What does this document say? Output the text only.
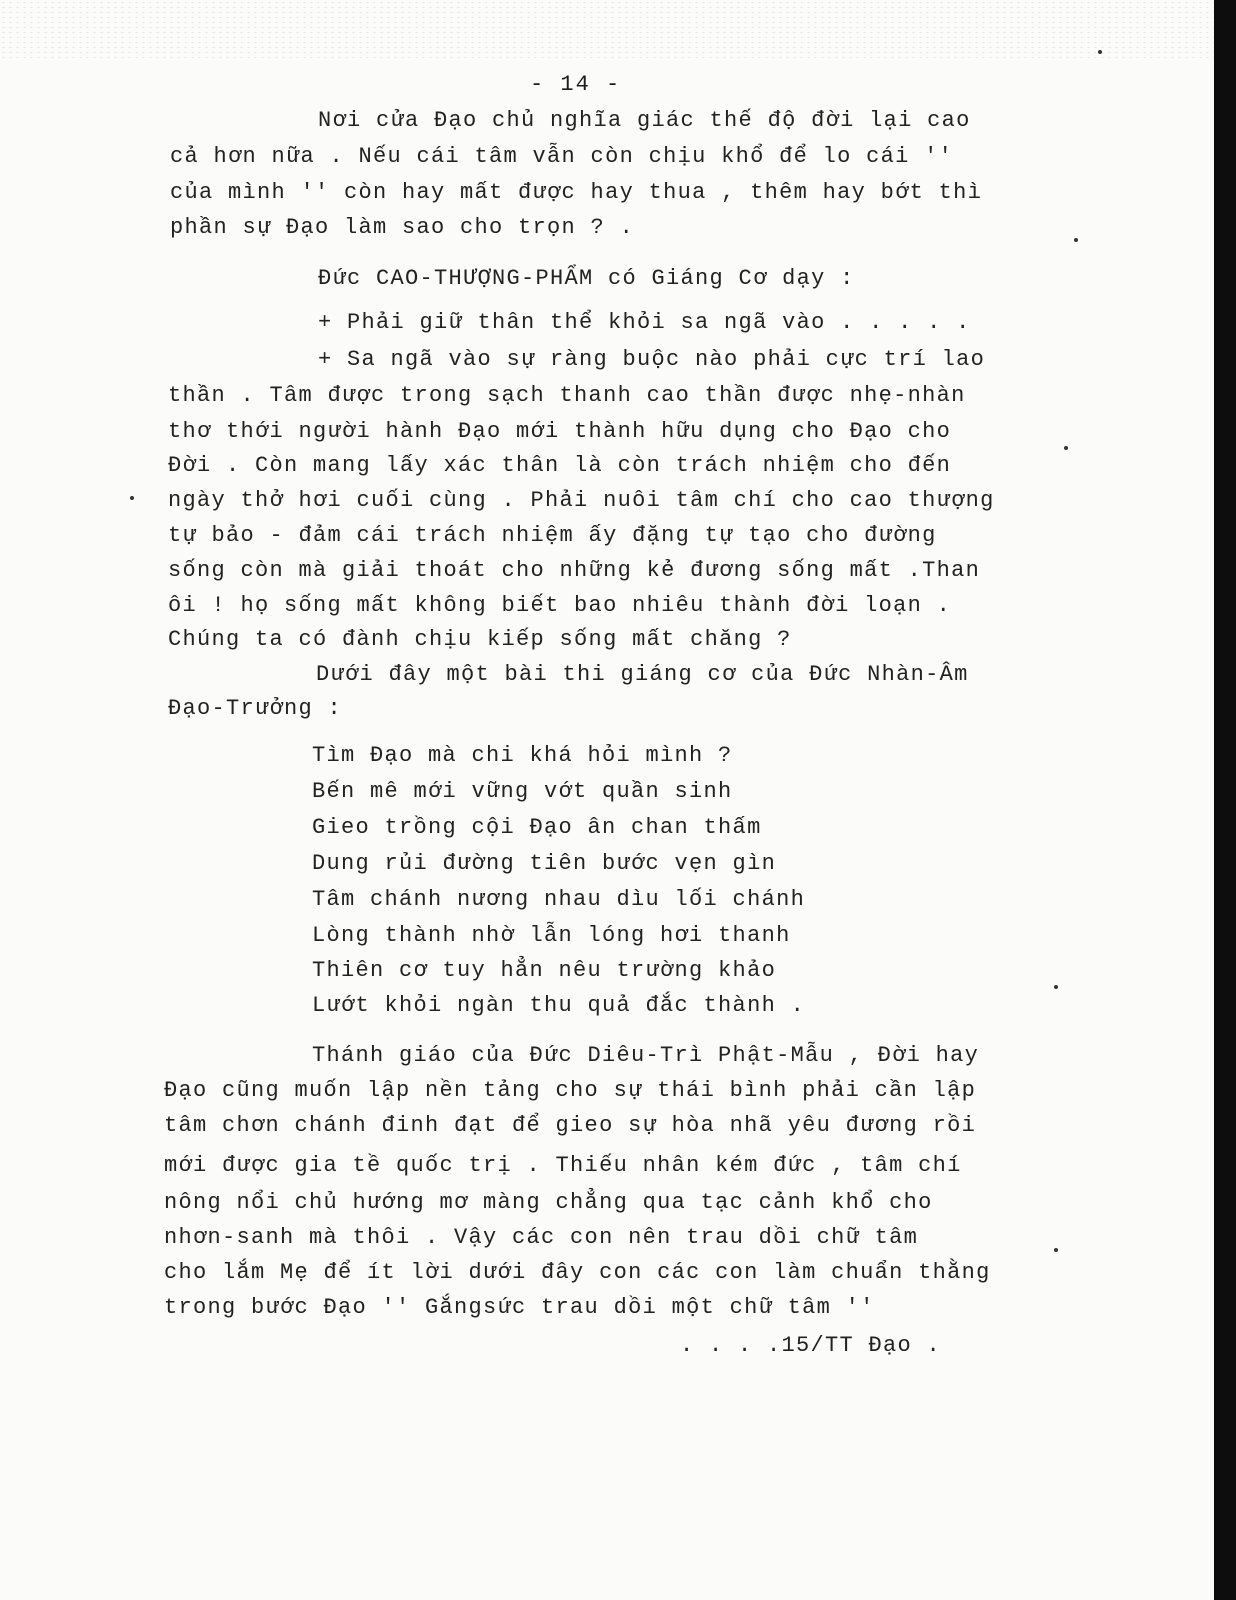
- 14 -
Nơi cửa Đạo chủ nghĩa giác thế độ đời lại cao
cả hơn nữa . Nếu cái tâm vẫn còn chịu khổ để lo cái ''
của mình '' còn hay mất được hay thua , thêm hay bớt thì
phần sự Đạo làm sao cho trọn ? .
Đức CAO-THƯỢNG-PHẨM có Giáng Cơ dạy :
+ Phải giữ thân thể khỏi sa ngã vào . . . . .
+ Sa ngã vào sự ràng buộc nào phải cực trí lao
thần . Tâm được trong sạch thanh cao thần được nhẹ-nhàn
thơ thới người hành Đạo mới thành hữu dụng cho Đạo cho
Đời . Còn mang lấy xác thân là còn trách nhiệm cho đến
ngày thở hơi cuối cùng . Phải nuôi tâm chí cho cao thượng
tự bảo - đảm cái trách nhiệm ấy đặng tự tạo cho đường
sống còn mà giải thoát cho những kẻ đương sống mất .Than
ôi ! họ sống mất không biết bao nhiêu thành đời loạn .
Chúng ta có đành chịu kiếp sống mất chăng ?
Dưới đây một bài thi giáng cơ của Đức Nhàn-Âm
Đạo-Trưởng :
Tìm Đạo mà chi khá hỏi mình ?
Bến mê mới vững vớt quần sinh
Gieo trồng cội Đạo ân chan thấm
Dung rủi đường tiên bước vẹn gìn
Tâm chánh nương nhau dìu lối chánh
Lòng thành nhờ lẫn lóng hơi thanh
Thiên cơ tuy hẳn nêu trường khảo
Lướt khỏi ngàn thu quả đắc thành .
Thánh giáo của Đức Diêu-Trì Phật-Mẫu , Đời hay
Đạo cũng muốn lập nền tảng cho sự thái bình phải cần lập
tâm chơn chánh đinh đạt để gieo sự hòa nhã yêu đương rồi
mới được gia tề quốc trị . Thiếu nhân kém đức , tâm chí
nông nổi chủ hướng mơ màng chẳng qua tạc cảnh khổ cho
nhơn-sanh mà thôi . Vậy các con nên trau dồi chữ tâm
cho lắm Mẹ để ít lời dưới đây con các con làm chuẩn thằng
trong bước Đạo '' Gắngsức trau dồi một chữ tâm ''
. . . .15/TT Đạo .
